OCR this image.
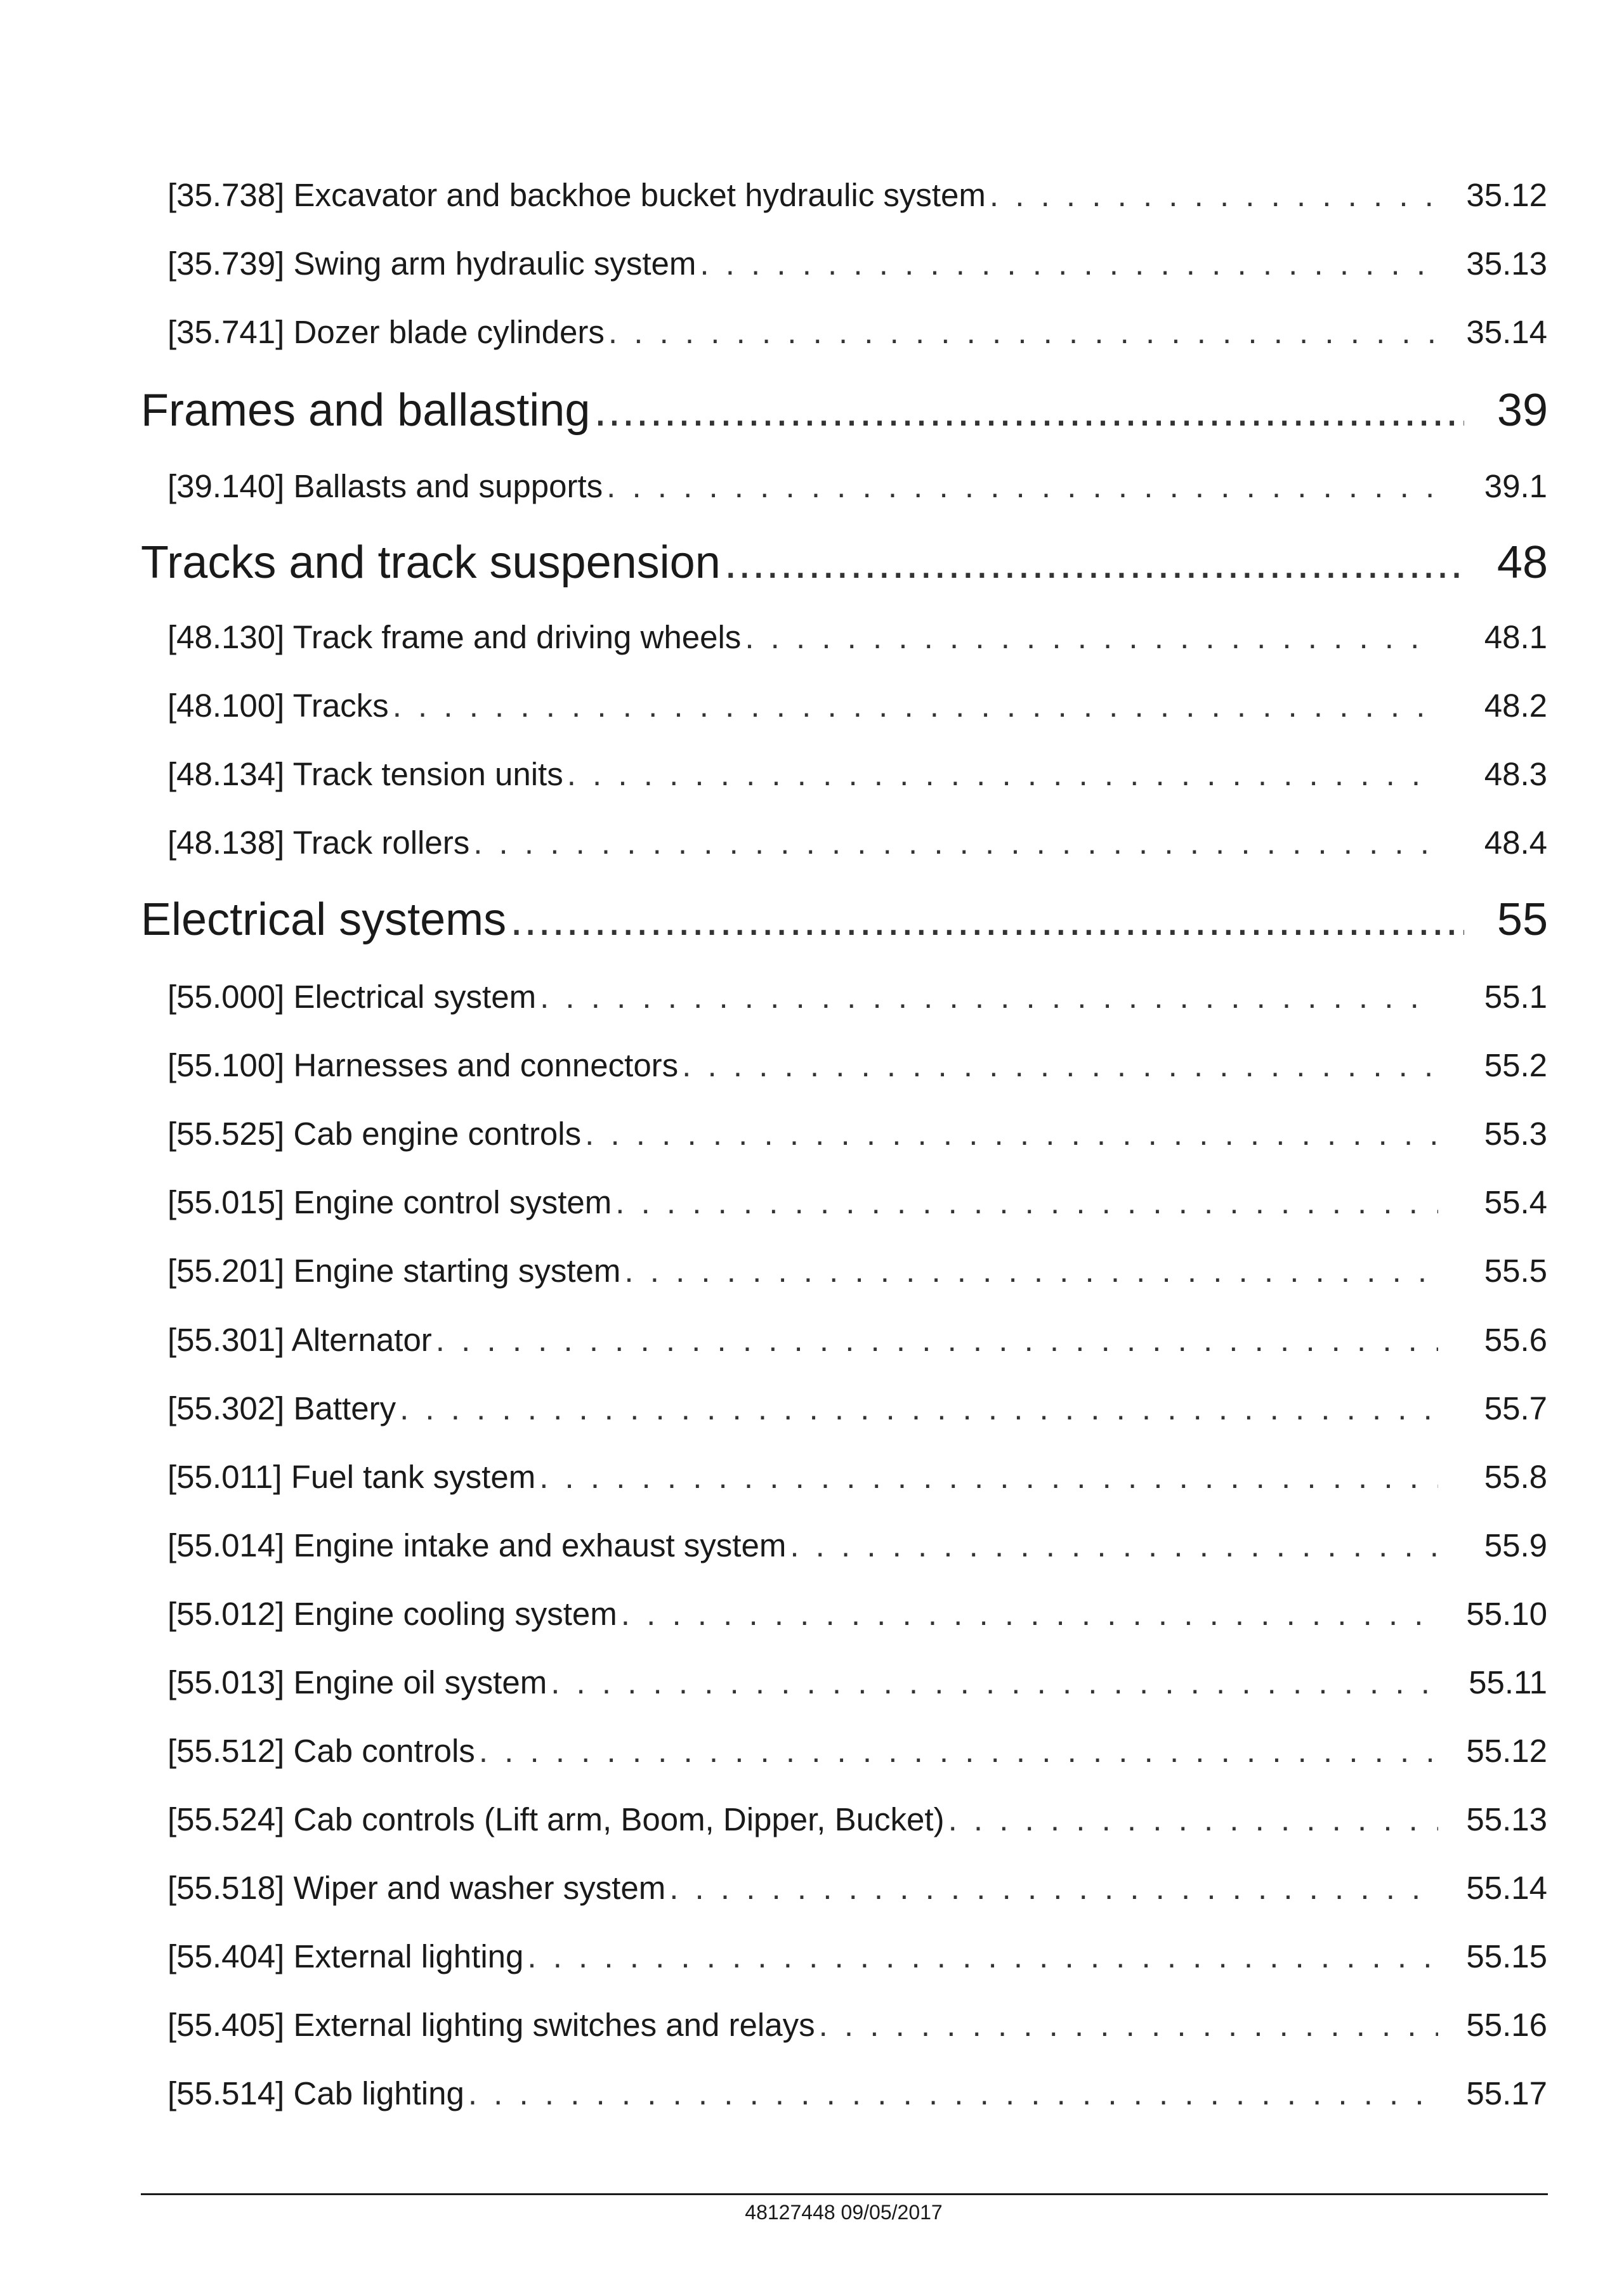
[35.738] Excavator and backhoe bucket hydraulic system . . .	35.12
[35.739] Swing arm hydraulic system . . .	35.13
[35.741] Dozer blade cylinders . . .	35.14
Frames and ballasting .....	39
[39.140] Ballasts and supports . . .	39.1
Tracks and track suspension .....	48
[48.130] Track frame and driving wheels . . .	48.1
[48.100] Tracks . . .	48.2
[48.134] Track tension units . . .	48.3
[48.138] Track rollers . . .	48.4
Electrical systems .....	55
[55.000] Electrical system . . .	55.1
[55.100] Harnesses and connectors . . .	55.2
[55.525] Cab engine controls . . .	55.3
[55.015] Engine control system . . .	55.4
[55.201] Engine starting system . . .	55.5
[55.301] Alternator . . .	55.6
[55.302] Battery . . .	55.7
[55.011] Fuel tank system . . .	55.8
[55.014] Engine intake and exhaust system . . .	55.9
[55.012] Engine cooling system . . .	55.10
[55.013] Engine oil system . . .	55.11
[55.512] Cab controls . . .	55.12
[55.524] Cab controls (Lift arm, Boom, Dipper, Bucket) . . .	55.13
[55.518] Wiper and washer system . . .	55.14
[55.404] External lighting . . .	55.15
[55.405] External lighting switches and relays . . .	55.16
[55.514] Cab lighting . . .	55.17
48127448 09/05/2017
